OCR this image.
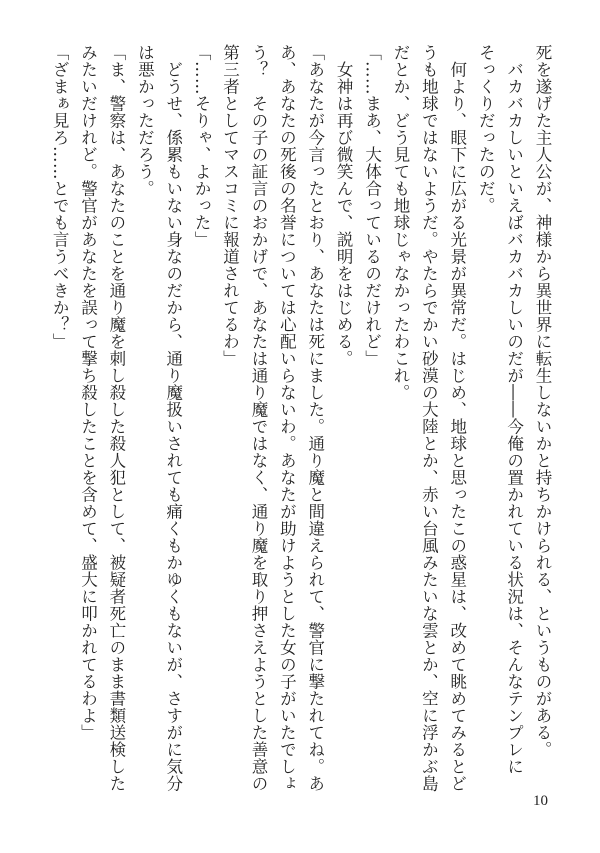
死を遂げた主人公が、神様から異世界に転生しないかと持ちかけられる、というものがある。
　バカバカしいといえばバカバカしいのだが――今俺の置かれている状況は、そんなテンプレに
そっくりだったのだ。
　何より、眼下に広がる光景が異常だ。はじめ、地球と思ったこの惑星は、改めて眺めてみるとど
うも地球ではないようだ。やたらでかい砂漠の大陸とか、赤い台風みたいな雲とか、空に浮かぶ島
だとか、どう見ても地球じゃなかったわこれ。
「……まあ、大体合っているのだけれど」
　女神は再び微笑んで、説明をはじめる。
「あなたが今言ったとおり、あなたは死にました。通り魔と間違えられて、警官に撃たれてね。あ
あ、あなたの死後の名誉については心配いらないわ。あなたが助けようとした女の子がいたでしょ
う？　その子の証言のおかげで、あなたは通り魔ではなく、通り魔を取り押さえようとした善意の
第三者としてマスコミに報道されてるわ」
「……そりゃ、よかった」
　どうせ、係累もいない身なのだから、通り魔扱いされても痛くもかゆくもないが、さすがに気分
は悪かっただろう。
「ま、警察は、あなたのことを通り魔を刺し殺した殺人犯として、被疑者死亡のまま書類送検した
みたいだけれど。警官があなたを誤って撃ち殺したことを含めて、盛大に叩かれてるわよ」
「ざまぁ見ろ……とでも言うべきか？」
10
